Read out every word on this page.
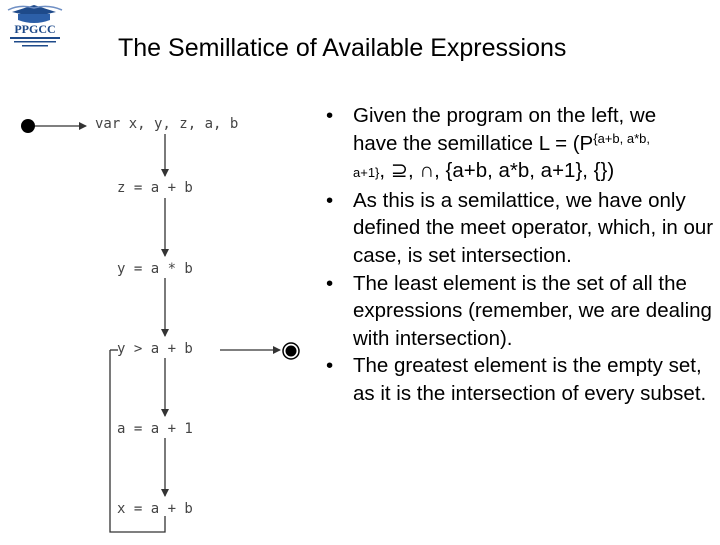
PPGCC
The Semillatice of Available Expressions
var x, y, z, a, b
z = a + b
y = a * b
y > a + b
a = a + 1
x = a + b
• Given the program on the left, we
have the semillatice $L = (P^{\{a+b, a*b,}$
a+1}, ⊇, ∩, {a+b, a*b, a+1}, {})
• As this is a semilattice, we have only defined the meet operator, which, in our case, is set intersection.
• The least element is the set of all the expressions (remember, we are dealing with intersection).
• The greatest element is the empty set, as it is the intersection of every subset.
